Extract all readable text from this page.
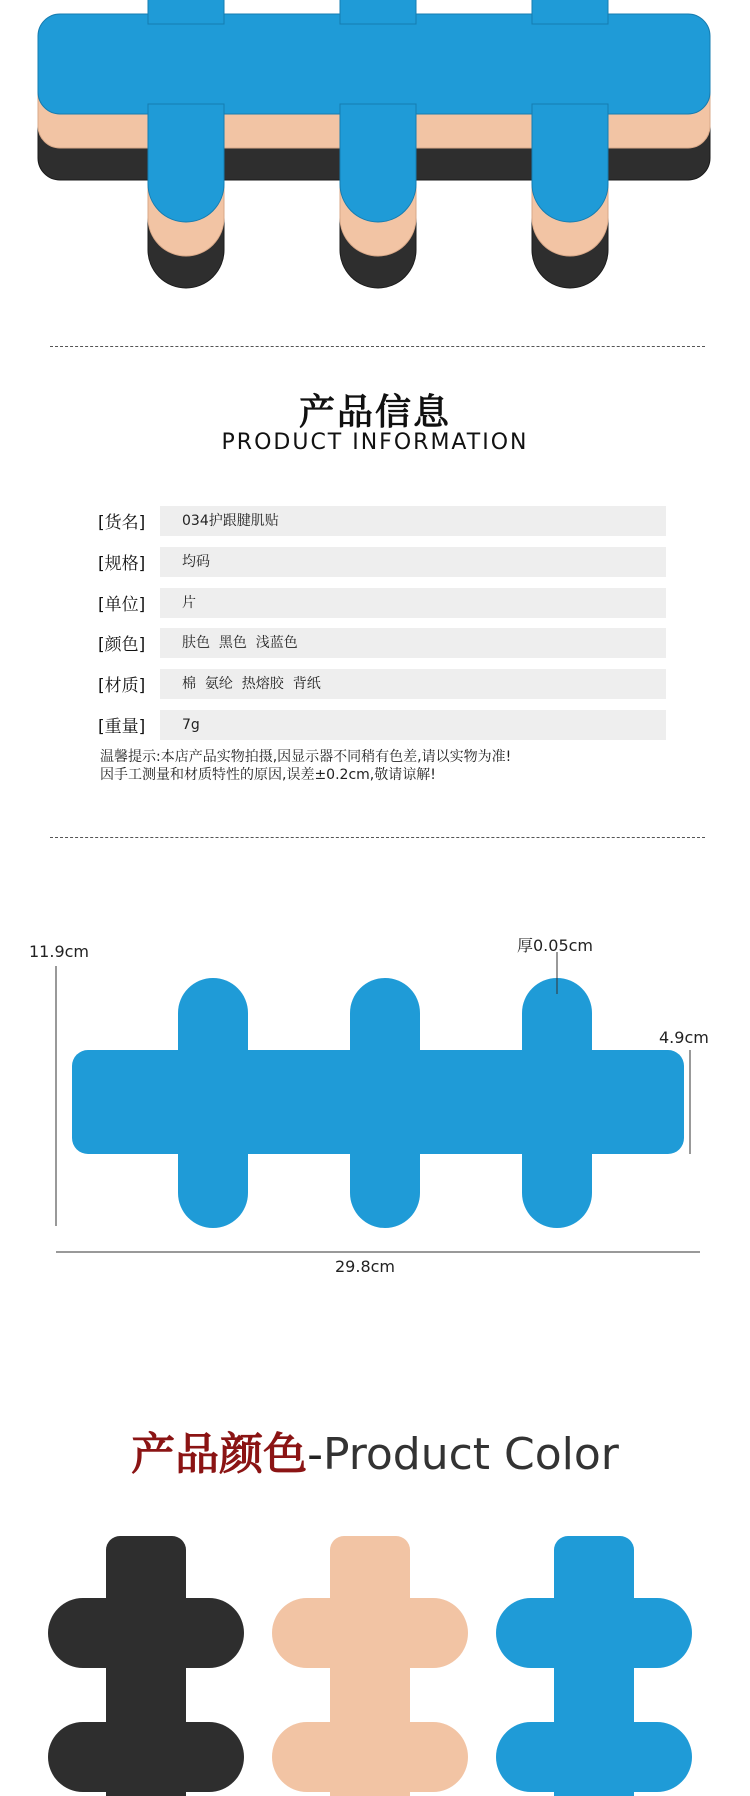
产品信息
PRODUCT INFORMATION
[货名]	034护跟腱肌贴
[规格]	均码
[单位]	片
[颜色]	肤色  黑色  浅蓝色
[材质]	棉  氨纶  热熔胶  背纸
[重量]	7g
温馨提示:本店产品实物拍摄,因显示器不同稍有色差,请以实物为准!
因手工测量和材质特性的原因,误差±0.2cm,敬请谅解!
11.9cm	厚0.05cm
4.9cm
29.8cm
产品颜色-Product Color
